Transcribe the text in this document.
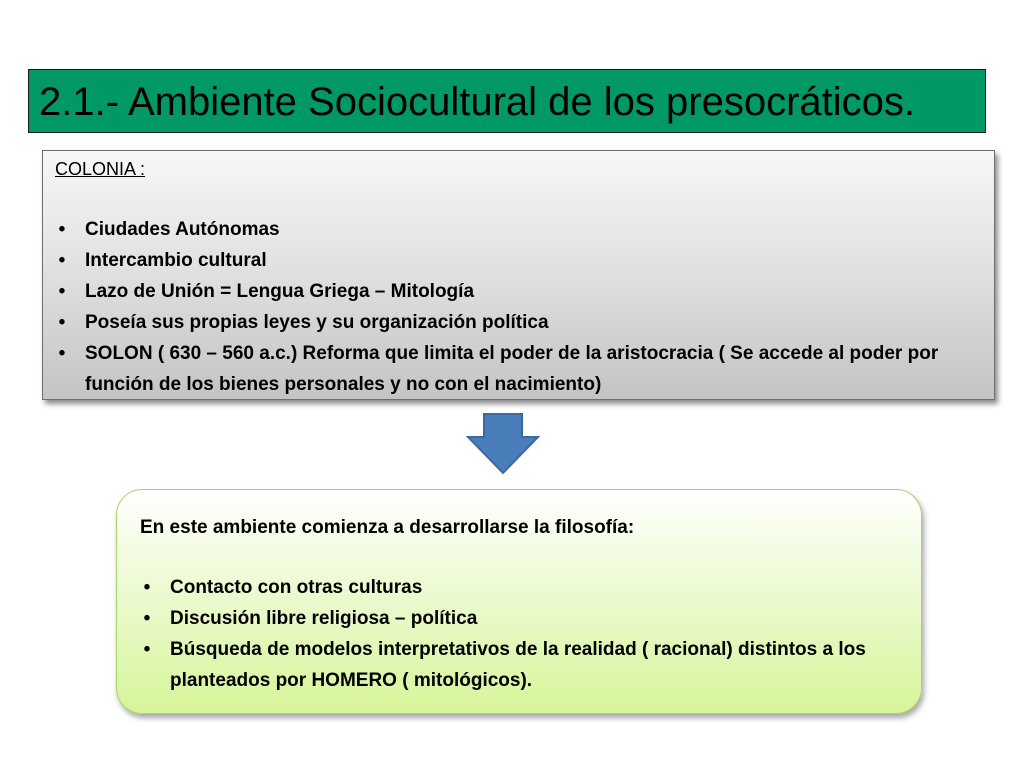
2.1.- Ambiente Sociocultural de los presocráticos.

COLONIA :

• Ciudades Autónomas
• Intercambio cultural
• Lazo de Unión = Lengua Griega – Mitología
• Poseía sus propias leyes y su organización política
• SOLON ( 630 – 560 a.c.) Reforma que limita el poder de la aristocracia ( Se accede al poder por función de los bienes personales y no con el nacimiento)

En este ambiente comienza a desarrollarse la filosofía:

• Contacto con otras culturas
• Discusión libre religiosa – política
• Búsqueda de modelos interpretativos de la realidad ( racional) distintos a los planteados por HOMERO ( mitológicos).
